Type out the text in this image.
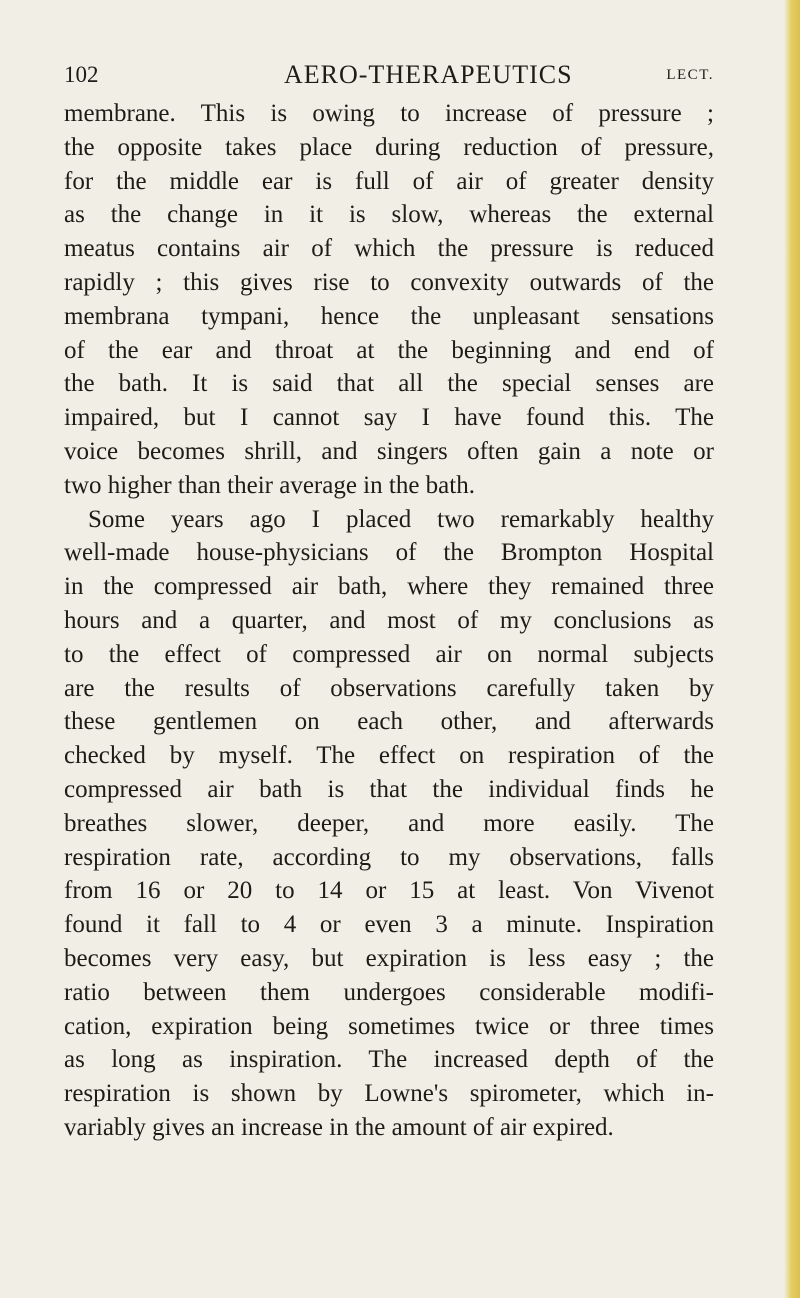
102	AERO-THERAPEUTICS	LECT.
membrane. This is owing to increase of pressure ;
the opposite takes place during reduction of pressure,
for the middle ear is full of air of greater density
as the change in it is slow, whereas the external
meatus contains air of which the pressure is reduced
rapidly ; this gives rise to convexity outwards of the
membrana tympani, hence the unpleasant sensations
of the ear and throat at the beginning and end of
the bath. It is said that all the special senses are
impaired, but I cannot say I have found this. The
voice becomes shrill, and singers often gain a note or
two higher than their average in the bath.
Some years ago I placed two remarkably healthy
well-made house-physicians of the Brompton Hospital
in the compressed air bath, where they remained three
hours and a quarter, and most of my conclusions as
to the effect of compressed air on normal subjects
are the results of observations carefully taken by
these gentlemen on each other, and afterwards
checked by myself. The effect on respiration of the
compressed air bath is that the individual finds he
breathes slower, deeper, and more easily. The
respiration rate, according to my observations, falls
from 16 or 20 to 14 or 15 at least. Von Vivenot
found it fall to 4 or even 3 a minute. Inspiration
becomes very easy, but expiration is less easy ; the
ratio between them undergoes considerable modifi-
cation, expiration being sometimes twice or three times
as long as inspiration. The increased depth of the
respiration is shown by Lowne's spirometer, which in-
variably gives an increase in the amount of air expired.
